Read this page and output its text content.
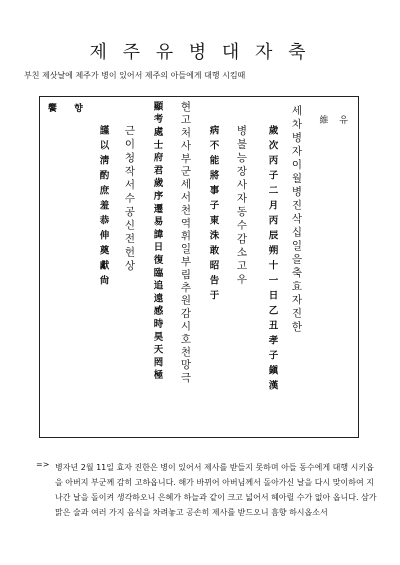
제 주 유 병 대 자 축
부친 제삿날에 제주가 병이 있어서 제주의 아들에게 대행 시킴때
維 유
饗 향	세차병자이월병진삭십일을축효자진한
歲次丙子二月丙辰朔十一日乙丑孝子鎭漢
병불능장사자동수감소고우
病不能將事子東洙敢昭告于
현고처사부군세서천역휘일부림추원감시호천망극
顯考處士府君歲序遷易諱日復臨追遠感時昊天罔極
근이청작서수공신전헌상
謹以淸酌庶羞恭伸奠獻尙
=> 병자년 2월 11일 효자 진한은 병이 있어서 제사를 받들지 못하며 아들 동수에게 대행 시키옵을 아버지 부군께 감히 고하옵니다. 해가 바뀌어 아버님께서 돌아가신 날을 다시 맞이하여 지나간 날을 돌이켜 생각하오니 은혜가 하늘과 같이 크고 넓어서 헤아릴 수가 없아 옵니다. 삼가 맑은 술과 여러 가지 음식을 차려놓고 공손히 제사를 받드오니 흠향 하시옵소서
